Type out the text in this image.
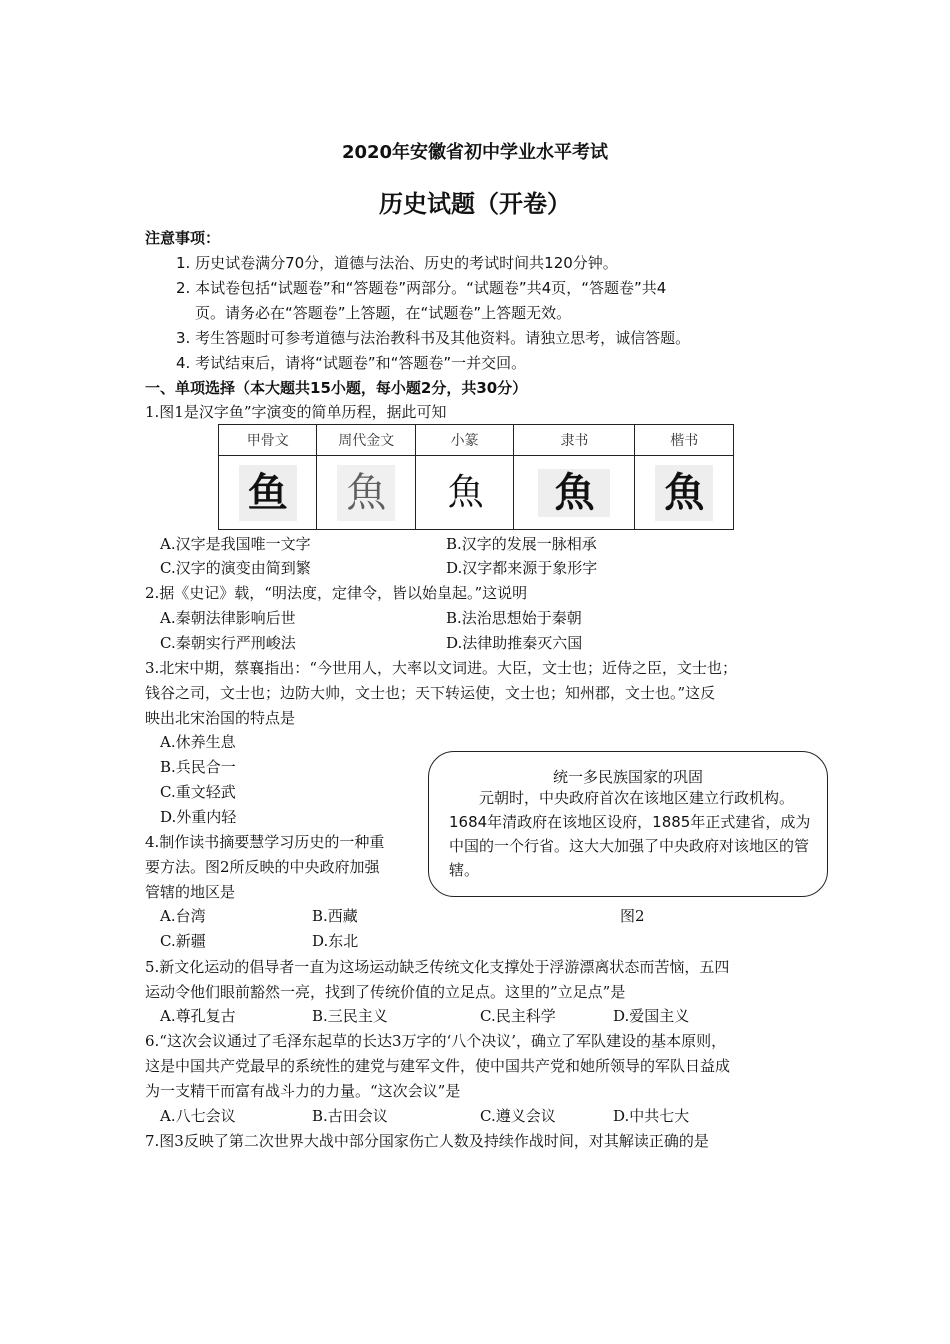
2020年安徽省初中学业水平考试
历史试题（开卷）
注意事项：
1. 历史试卷满分70分，道德与法治、历史的考试时间共120分钟。
2. 本试卷包括“试题卷”和“答题卷”两部分。“试题卷”共4页，“答题卷”共4
页。请务必在“答题卷”上答题，在“试题卷”上答题无效。
3. 考生答题时可参考道德与法治教科书及其他资料。请独立思考，诚信答题。
4. 考试结束后，请将“试题卷”和“答题卷”一并交回。
一、单项选择（本大题共15小题，每小题2分，共30分）
1.图1是汉字鱼”字演变的简单历程，据此可知
甲骨文	周代金文	小篆	隶书	楷书
鱼	魚	魚	魚	魚
A.汉字是我国唯一文字	B.汉字的发展一脉相承
C.汉字的演变由简到繁	D.汉字都来源于象形字
2.据《史记》载，“明法度，定律令，皆以始皇起。”这说明
A.秦朝法律影响后世	B.法治思想始于秦朝
C.秦朝实行严刑峻法	D.法律助推秦灭六国
3.北宋中期，蔡襄指出：“今世用人，大率以文词进。大臣，文士也；近侍之臣，文士也；
钱谷之司，文士也；边防大帅，文士也；天下转运使，文士也；知州郡，文士也。”这反
映出北宋治国的特点是
A.休养生息
B.兵民合一
C.重文轻武
D.外重内轻
4.制作读书摘要慧学习历史的一种重
要方法。图2所反映的中央政府加强
管辖的地区是
A.台湾	B.西藏
C.新疆	D.东北
统一多民族国家的巩固
元朝时，中央政府首次在该地区建立行政机构。1684年清政府在该地区设府，1885年正式建省，成为中国的一个行省。这大大加强了中央政府对该地区的管辖。
图2
5.新文化运动的倡导者一直为这场运动缺乏传统文化支撑处于浮游漂离状态而苦恼，五四
运动令他们眼前豁然一亮，找到了传统价值的立足点。这里的”立足点”是
A.尊孔复古	B.三民主义	C.民主科学	D.爱国主义
6.“这次会议通过了毛泽东起草的长达3万字的‘八个决议’，确立了军队建设的基本原则，
这是中国共产党最早的系统性的建党与建军文件，使中国共产党和她所领导的军队日益成
为一支精干而富有战斗力的力量。“这次会议”是
A.八七会议	B.古田会议	C.遵义会议	D.中共七大
7.图3反映了第二次世界大战中部分国家伤亡人数及持续作战时间，对其解读正确的是
